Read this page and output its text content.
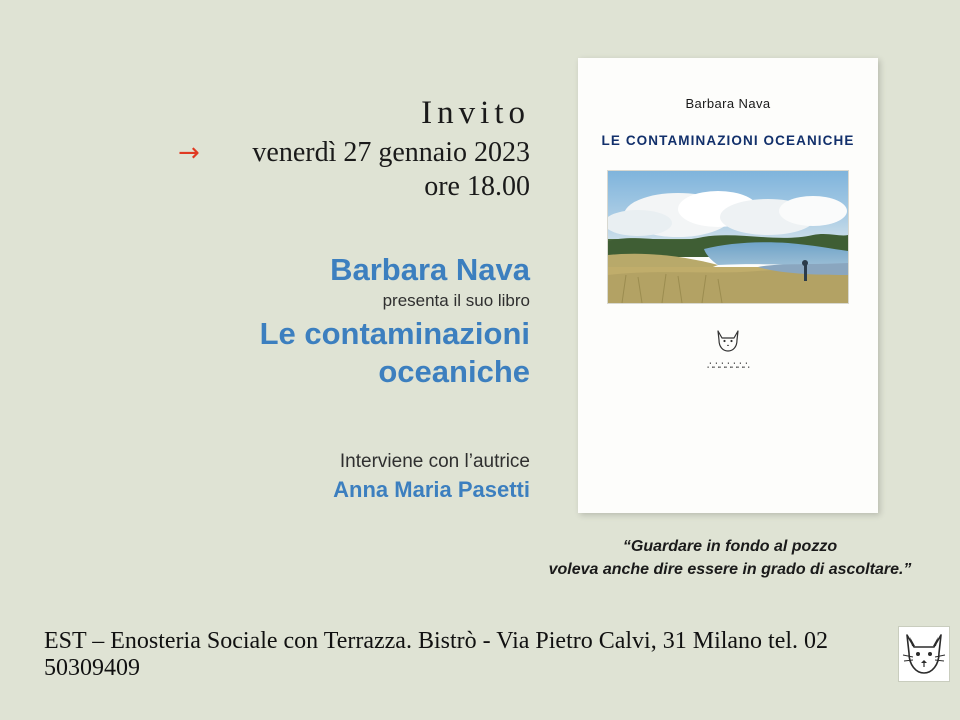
Invito
→	venerdì 27 gennaio 2023

ore 18.00

Barbara Nava

presenta il suo libro

Le contaminazioni

oceaniche

Interviene con l’autrice

Anna Maria Pasetti

Barbara Nava
LE CONTAMINAZIONI OCEANICHE
∴∴∴∴∴∴∴
“Guardare in fondo al pozzo
voleva anche dire essere in grado di ascoltare.”
EST – Enosteria Sociale con Terrazza. Bistrò - Via Pietro Calvi, 31 Milano tel. 02 50309409
